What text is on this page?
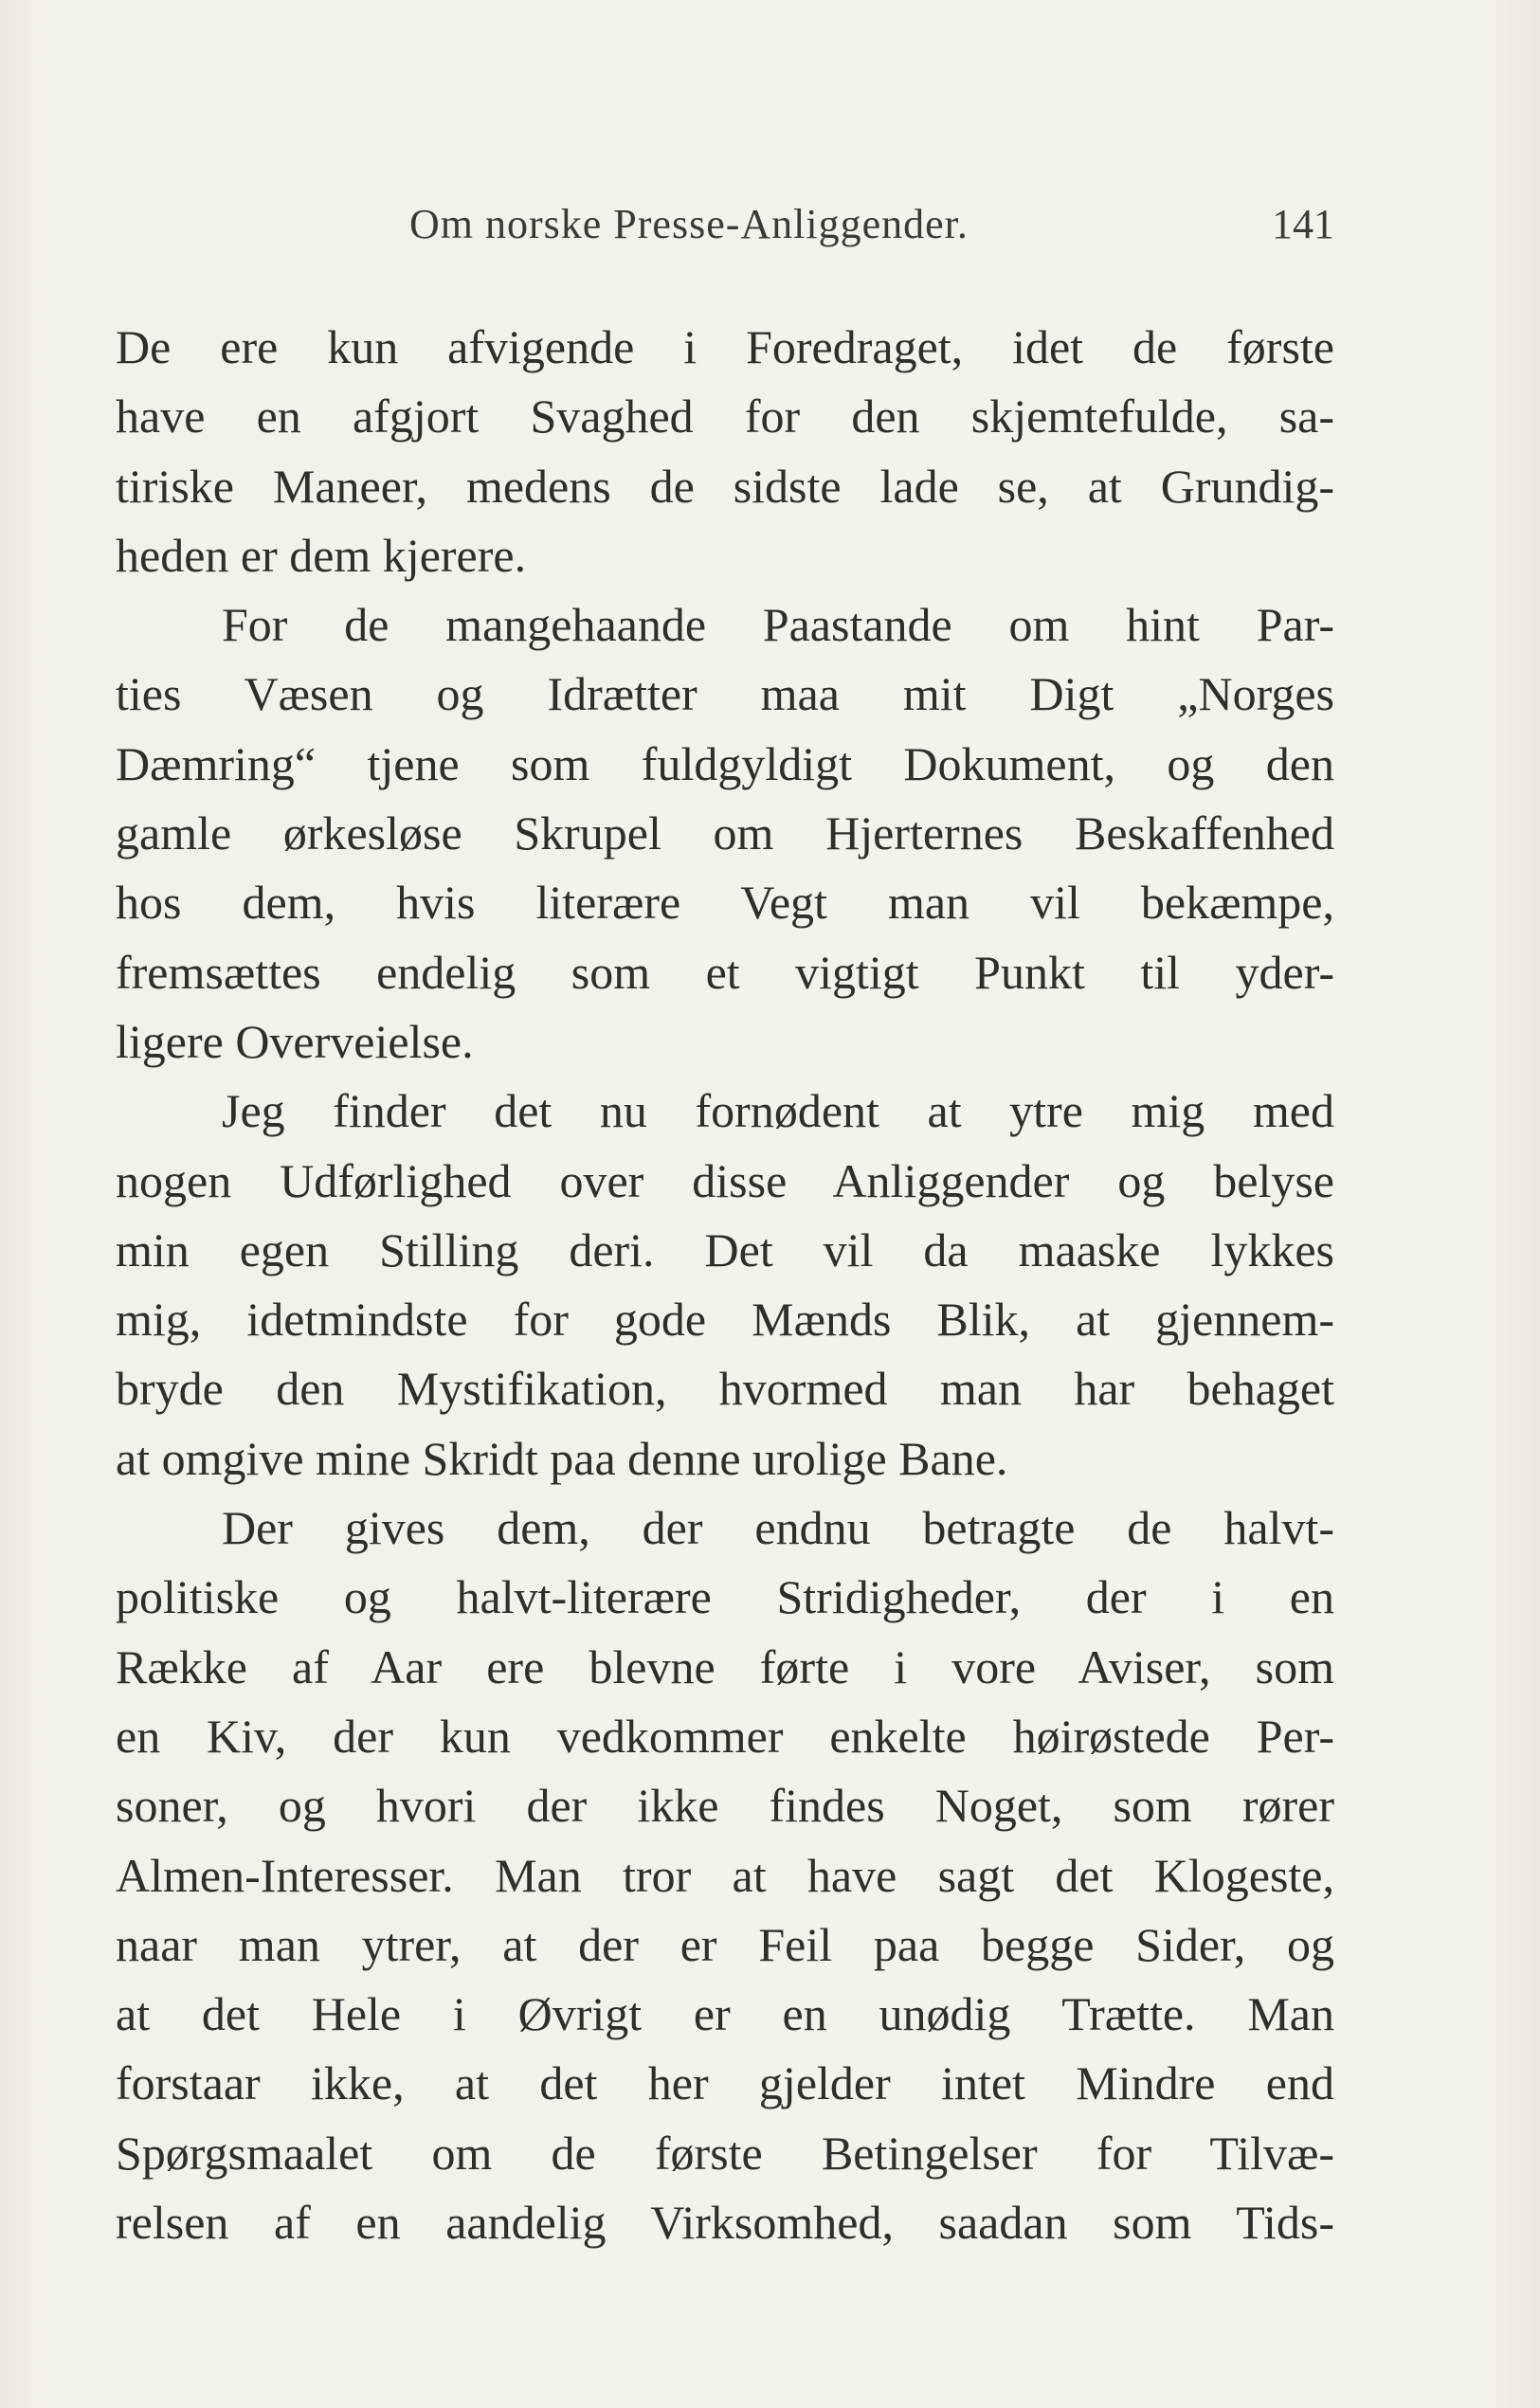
Om norske Presse-Anliggender.	141
De ere kun afvigende i Foredraget, idet de første
have en afgjort Svaghed for den skjemtefulde, sa-
tiriske Maneer, medens de sidste lade se, at Grundig-
heden er dem kjerere.
For de mangehaande Paastande om hint Par-
ties Væsen og Idrætter maa mit Digt „Norges
Dæmring“ tjene som fuldgyldigt Dokument, og den
gamle ørkesløse Skrupel om Hjerternes Beskaffenhed
hos dem, hvis literære Vegt man vil bekæmpe,
fremsættes endelig som et vigtigt Punkt til yder-
ligere Overveielse.
Jeg finder det nu fornødent at ytre mig med
nogen Udførlighed over disse Anliggender og belyse
min egen Stilling deri. Det vil da maaske lykkes
mig, idetmindste for gode Mænds Blik, at gjennem-
bryde den Mystifikation, hvormed man har behaget
at omgive mine Skridt paa denne urolige Bane.
Der gives dem, der endnu betragte de halvt-
politiske og halvt-literære Stridigheder, der i en
Række af Aar ere blevne førte i vore Aviser, som
en Kiv, der kun vedkommer enkelte høirøstede Per-
soner, og hvori der ikke findes Noget, som rører
Almen-Interesser. Man tror at have sagt det Klogeste,
naar man ytrer, at der er Feil paa begge Sider, og
at det Hele i Øvrigt er en unødig Trætte. Man
forstaar ikke, at det her gjelder intet Mindre end
Spørgsmaalet om de første Betingelser for Tilvæ-
relsen af en aandelig Virksomhed, saadan som Tids-
